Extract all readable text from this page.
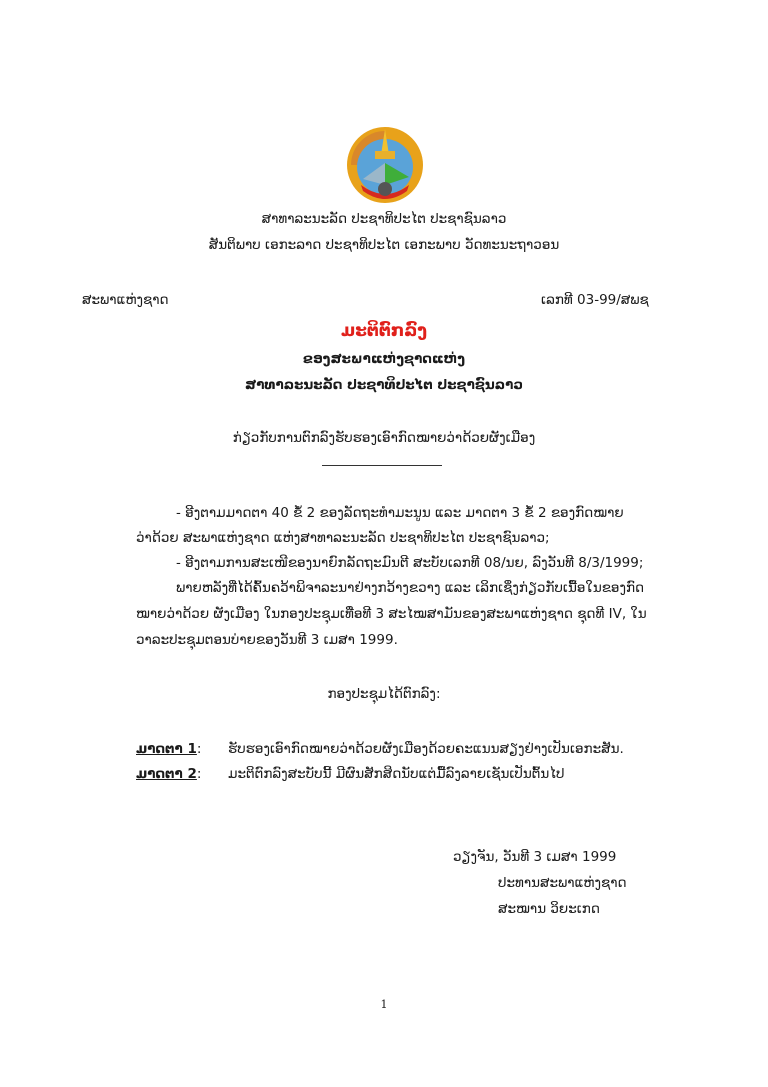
ສາທາລະນະລັດ ປະຊາທິປະໄຕ ປະຊາຊົນລາວ
ສັນຕິພາບ ເອກະລາດ ປະຊາທິປະໄຕ ເອກະພາບ ວັດທະນະຖາວອນ
ສະພາແຫ່ງຊາດ	ເລກທີ 03-99/ສພຊ
ມະຕິຕົກລົງ
ຂອງສະພາແຫ່ງຊາດແຫ່ງ
ສາທາລະນະລັດ ປະຊາທິປະໄຕ ປະຊາຊົນລາວ
ກ່ຽວກັບການຕົກລົງຮັບຮອງເອົາກົດໝາຍວ່າດ້ວຍຜັງເມືອງ
- ອີງຕາມມາດຕາ 40 ຂໍ້ 2 ຂອງລັດຖະທຳມະນູນ ແລະ ມາດຕາ 3 ຂໍ້ 2 ຂອງກົດໝາຍ
ວ່າດ້ວຍ ສະພາແຫ່ງຊາດ ແຫ່ງສາທາລະນະລັດ ປະຊາທິປະໄຕ ປະຊາຊົນລາວ;
- ອີງຕາມການສະເໜີຂອງນາຍົກລັດຖະມົນຕີ ສະບັບເລກທີ 08/ນຍ, ລົງວັນທີ 8/3/1999;
ພາຍຫລັງທີ່ໄດ້ຄົ້ນຄວ້າພິຈາລະນາຢ່າງກວ້າງຂວາງ ແລະ ເລິກເຊິ່ງກ່ຽວກັບເນື້ອໃນຂອງກົດ
ໝາຍວ່າດ້ວຍ ຜັງເມືອງ ໃນກອງປະຊຸມເທື່ອທີ 3 ສະໄໝສາມັນຂອງສະພາແຫ່ງຊາດ ຊຸດທີ IV, ໃນ
ວາລະປະຊຸມຕອນບ່າຍຂອງວັນທີ 3 ເມສາ 1999.
ກອງປະຊຸມໄດ້ຕົກລົງ:
ມາດຕາ 1: ຮັບຮອງເອົາກົດໝາຍວ່າດ້ວຍຜັງເມືອງດ້ວຍຄະແນນສຽງຢ່າງເປັນເອກະສັນ.
ມາດຕາ 2: ມະຕິຕົກລົງສະບັບນີ້ ມີຜົນສັກສິດນັບແຕ່ມື້ລົງລາຍເຊັນເປັນຕົ້ນໄປ
ວຽງຈັນ, ວັນທີ 3 ເມສາ 1999
ປະທານສະພາແຫ່ງຊາດ
ສະໝານ ວິຍະເກດ
1
